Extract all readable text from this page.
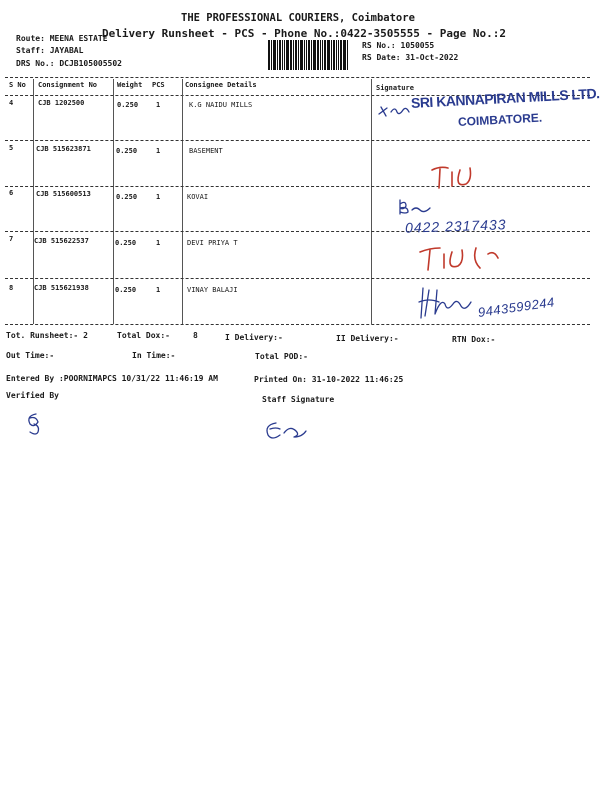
THE PROFESSIONAL COURIERS, Coimbatore
Delivery Runsheet - PCS - Phone No.:0422-3505555 - Page No.:2
Route: MEENA ESTATE
Staff: JAYABAL
DRS No.: DCJB105005502
RS No.: 1050055
RS Date: 31-Oct-2022
S No Consignment No	Weight PCS	Consignee Details	Signature
4	CJB 1202500	0.250	1	K.G NAIDU MILLS
5	CJB 515623871	0.250	1	BASEMENT
6	CJB 515600513	0.250	1	KOVAI
7	CJB 515622537	0.250	1	DEVI PRIYA T
8	CJB 515621938	0.250	1	VINAY BALAJI
SRI KANNAPIRAN MILLS LTD.
COIMBATORE.
0422 2317433
9443599244
Tot. Runsheet:- 2	Total Dox:-	8	I Delivery:-	II Delivery:-	RTN Dox:-
Out Time:-	In Time:-	Total POD:-
Entered By :POORNIMAPCS 10/31/22 11:46:19 AM	Printed On: 31-10-2022 11:46:25
Verified By	Staff Signature
